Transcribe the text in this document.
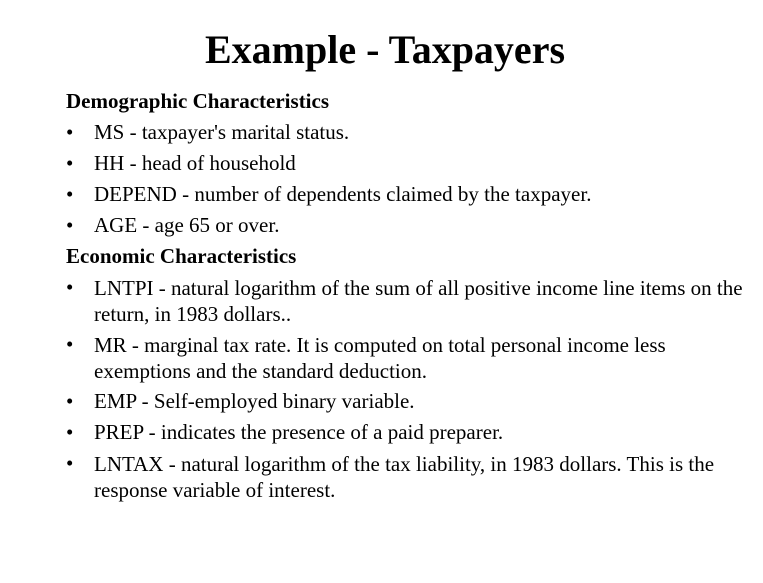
Example - Taxpayers
Demographic Characteristics
• MS - taxpayer's marital status.
• HH - head of household
• DEPEND - number of dependents claimed by the taxpayer.
• AGE - age 65 or over.
Economic Characteristics
• LNTPI - natural logarithm of the sum of all positive income line items on the return, in 1983 dollars..
• MR - marginal tax rate. It is computed on total personal income less exemptions and the standard deduction.
• EMP - Self‑employed binary variable.
• PREP - indicates the presence of a paid preparer.
• LNTAX - natural logarithm of the tax liability, in 1983 dollars. This is the response variable of interest.
